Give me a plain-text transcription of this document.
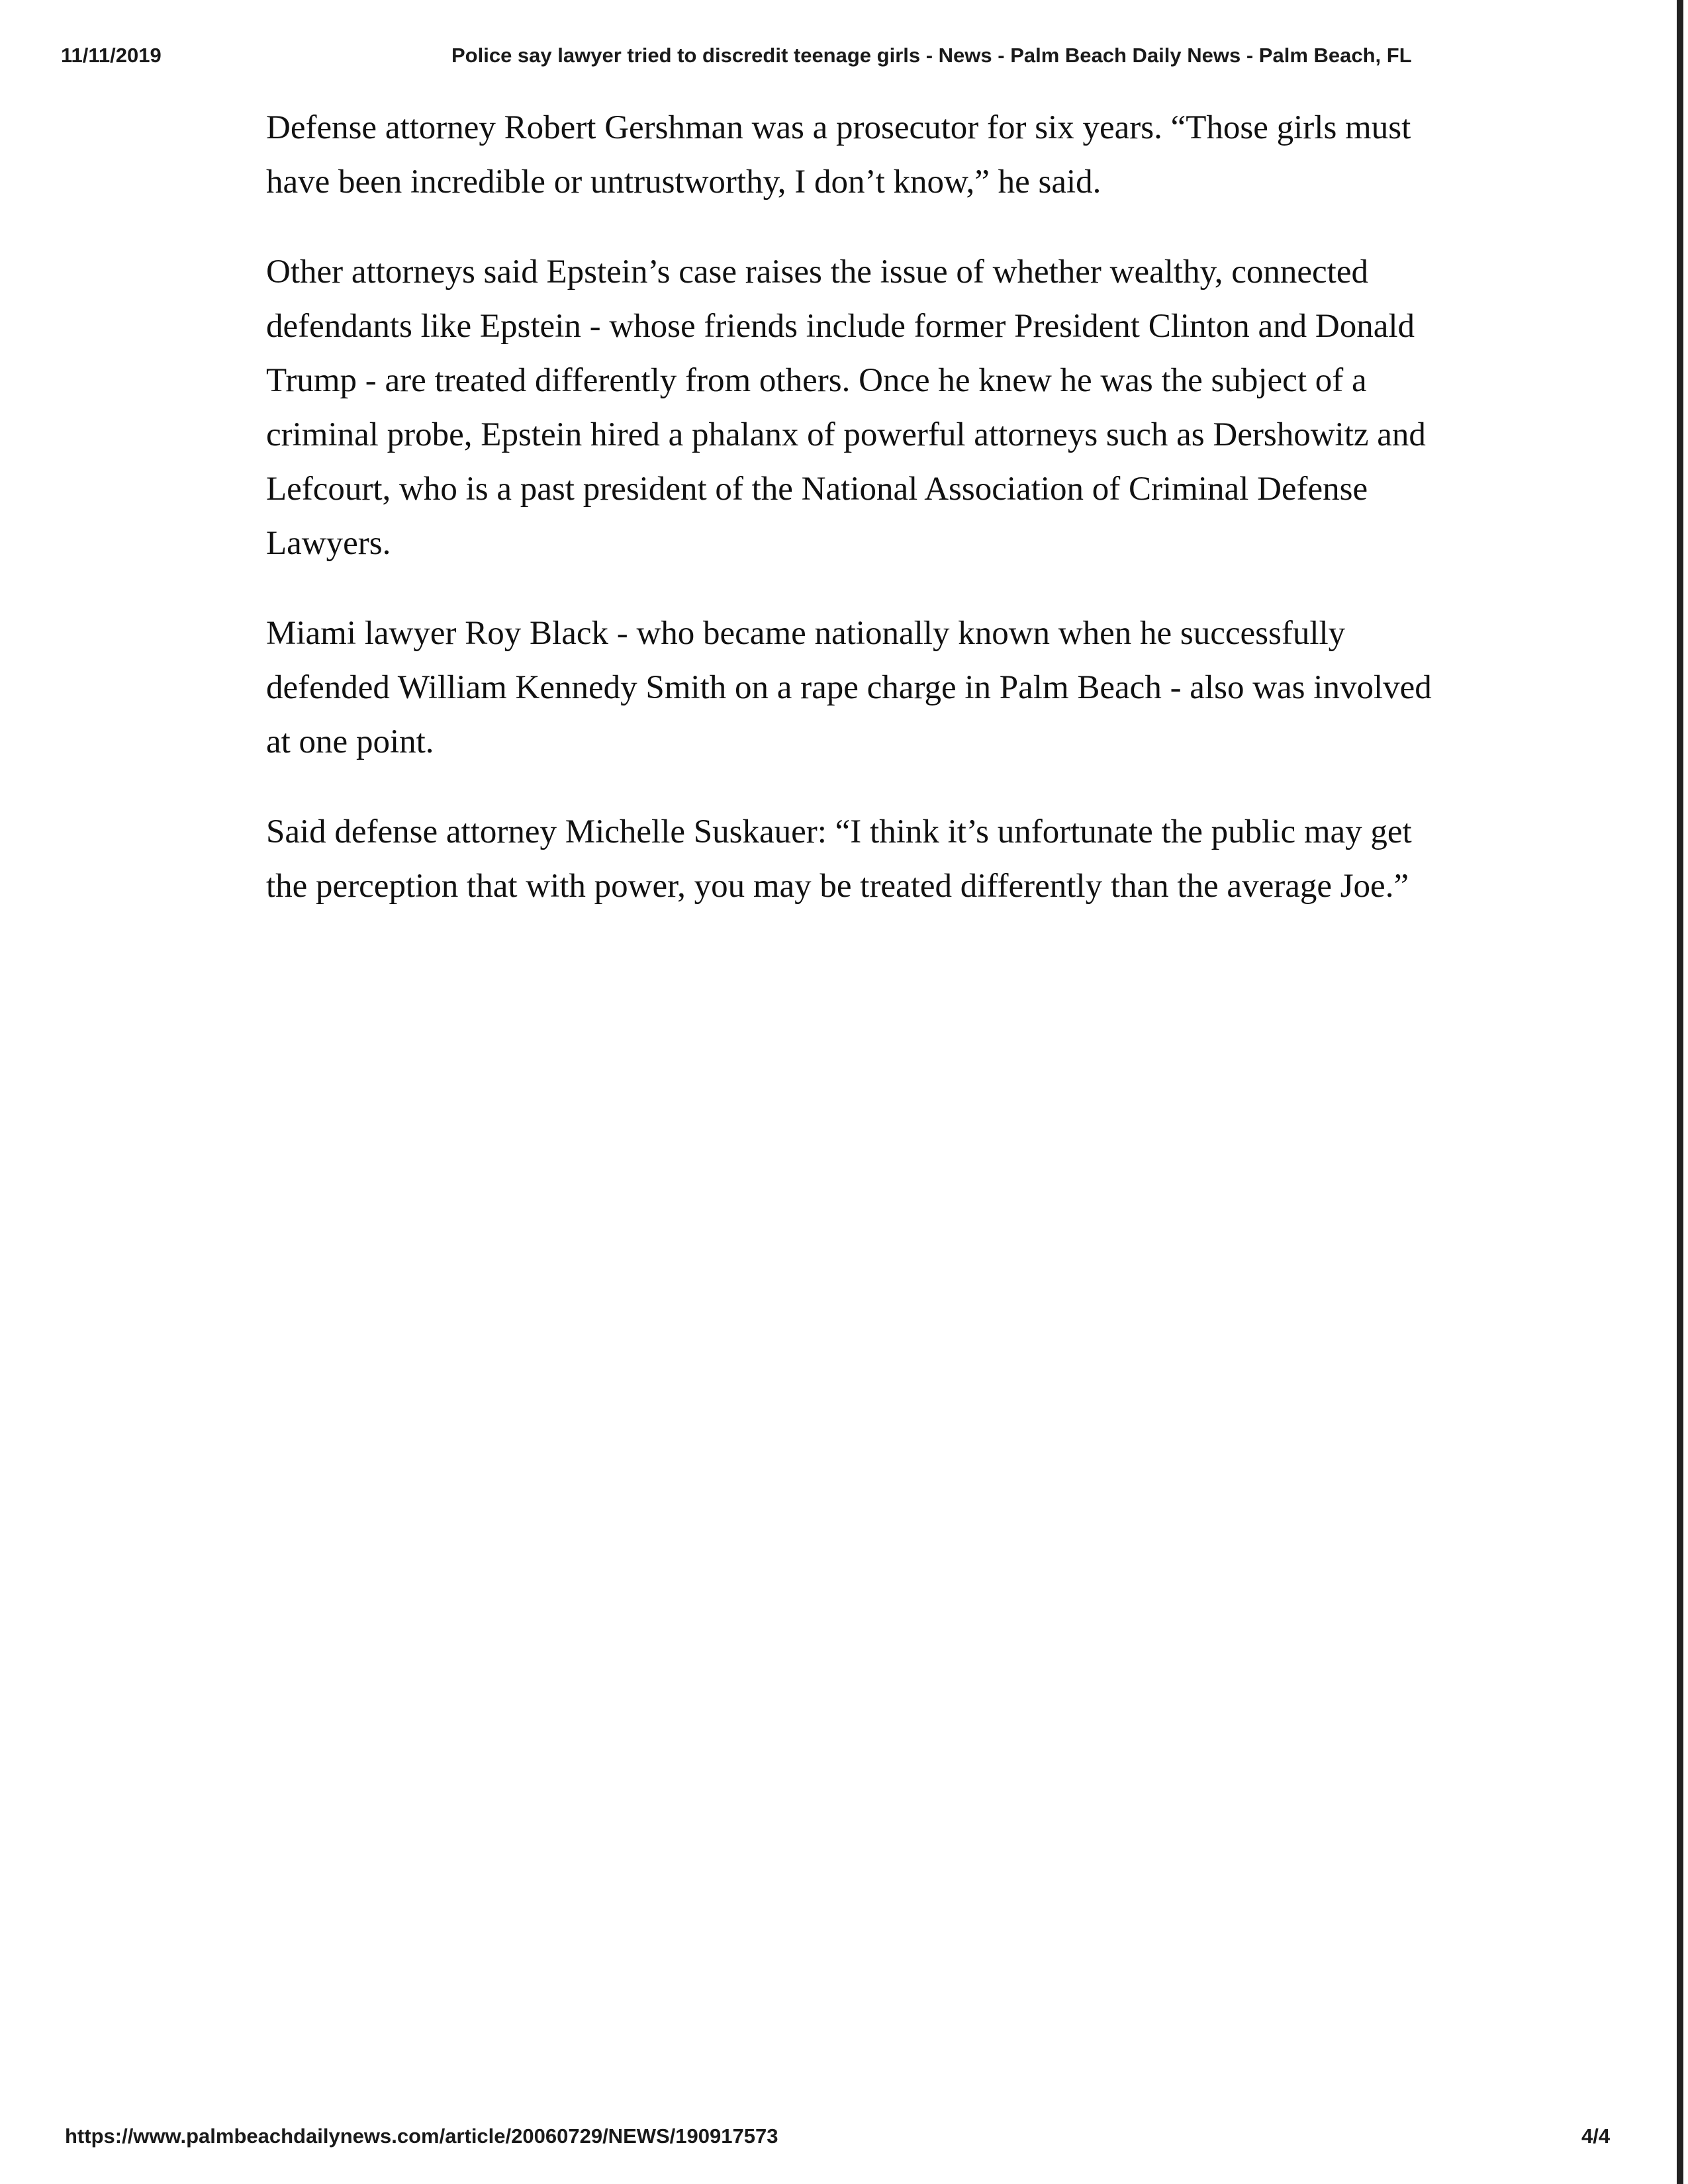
11/11/2019	Police say lawyer tried to discredit teenage girls - News - Palm Beach Daily News - Palm Beach, FL

Defense attorney Robert Gershman was a prosecutor for six years. “Those girls must have been incredible or untrustworthy, I don’t know,” he said.

Other attorneys said Epstein’s case raises the issue of whether wealthy, connected defendants like Epstein - whose friends include former President Clinton and Donald Trump - are treated differently from others. Once he knew he was the subject of a criminal probe, Epstein hired a phalanx of powerful attorneys such as Dershowitz and Lefcourt, who is a past president of the National Association of Criminal Defense Lawyers.

Miami lawyer Roy Black - who became nationally known when he successfully defended William Kennedy Smith on a rape charge in Palm Beach - also was involved at one point.

Said defense attorney Michelle Suskauer: “I think it’s unfortunate the public may get the perception that with power, you may be treated differently than the average Joe.”

https://www.palmbeachdailynews.com/article/20060729/NEWS/190917573	4/4
